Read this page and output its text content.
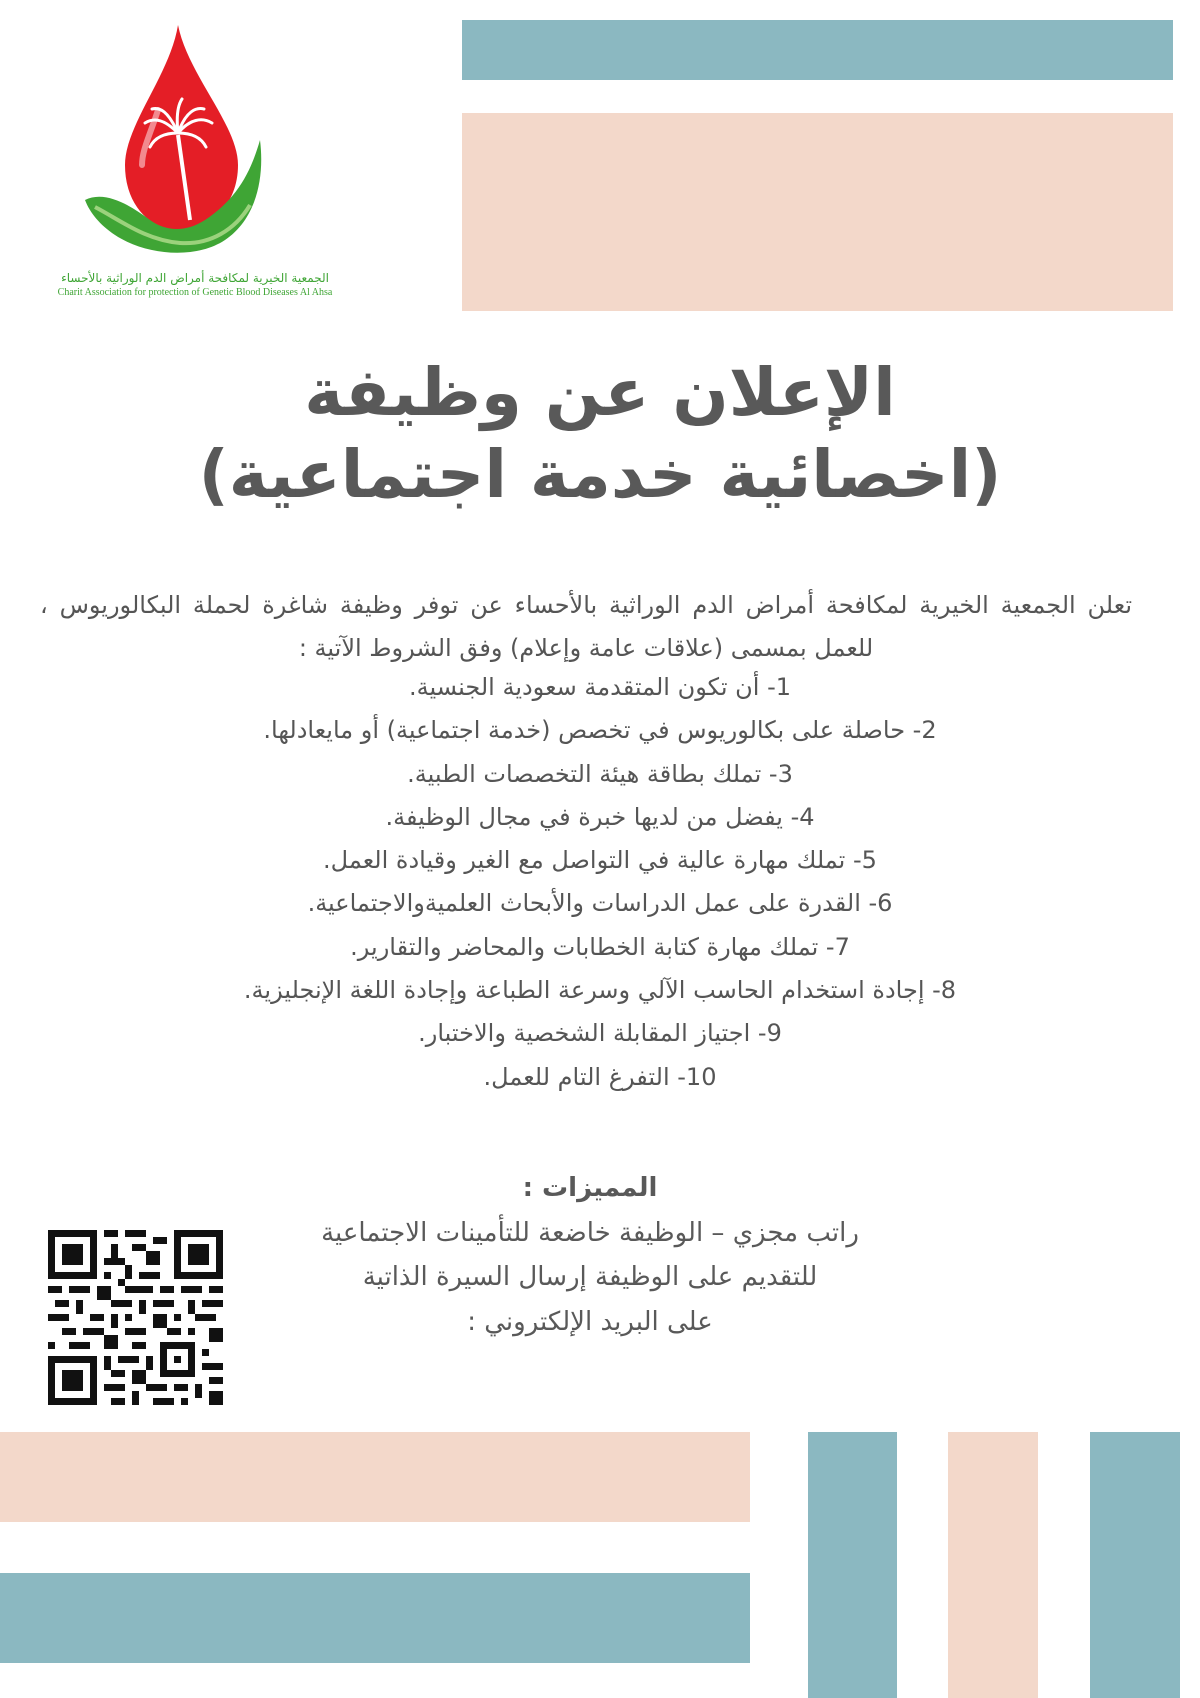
الجمعية الخيرية لمكافحة أمراض الدم الوراثية بالأحساء
Charit Association for protection of Genetic Blood Diseases Al Ahsa
الإعلان عن وظيفة
(اخصائية خدمة اجتماعية)
تعلن الجمعية الخيرية لمكافحة أمراض الدم الوراثية بالأحساء عن توفر وظيفة شاغرة لحملة البكالوريوس ، للعمل بمسمى (علاقات عامة وإعلام) وفق الشروط الآتية :
1- أن تكون المتقدمة سعودية الجنسية.
2- حاصلة على بكالوريوس في تخصص (خدمة اجتماعية) أو مايعادلها.
3- تملك بطاقة هيئة التخصصات الطبية.
4- يفضل من لديها خبرة في مجال الوظيفة.
5- تملك مهارة عالية في التواصل مع الغير وقيادة العمل.
6- القدرة على عمل الدراسات والأبحاث العلميةوالاجتماعية.
7- تملك مهارة كتابة الخطابات والمحاضر والتقارير.
8- إجادة استخدام الحاسب الآلي وسرعة الطباعة وإجادة اللغة الإنجليزية.
9- اجتياز المقابلة الشخصية والاختبار.
10- التفرغ التام للعمل.
المميزات :
راتب مجزي – الوظيفة خاضعة للتأمينات الاجتماعية
للتقديم على الوظيفة إرسال السيرة الذاتية
على البريد الإلكتروني :
